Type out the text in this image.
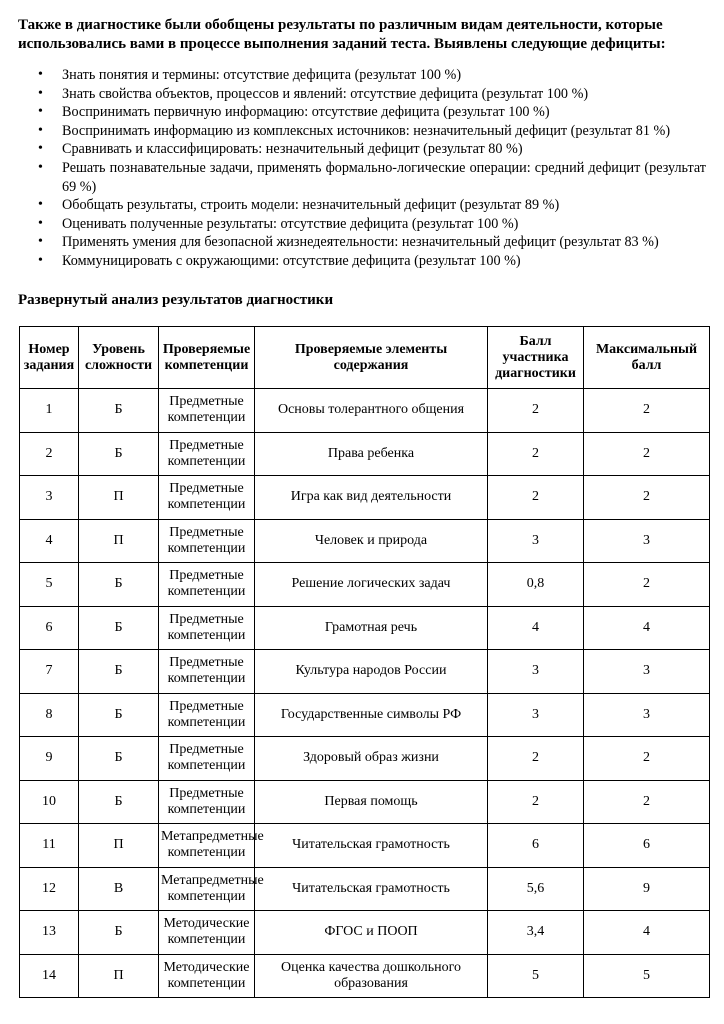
Также в диагностике были обобщены результаты по различным видам деятельности, которые использовались вами в процессе выполнения заданий теста. Выявлены следующие дефициты:
• Знать понятия и термины: отсутствие дефицита (результат 100 %)
• Знать свойства объектов, процессов и явлений: отсутствие дефицита (результат 100 %)
• Воспринимать первичную информацию: отсутствие дефицита (результат 100 %)
• Воспринимать информацию из комплексных источников: незначительный дефицит (результат 81 %)
• Сравнивать и классифицировать: незначительный дефицит (результат 80 %)
• Решать познавательные задачи, применять формально-логические операции: средний дефицит (результат 69 %)
• Обобщать результаты, строить модели: незначительный дефицит (результат 89 %)
• Оценивать полученные результаты: отсутствие дефицита (результат 100 %)
• Применять умения для безопасной жизнедеятельности: незначительный дефицит (результат 83 %)
• Коммуницировать с окружающими: отсутствие дефицита (результат 100 %)
Развернутый анализ результатов диагностики
Номер задания	Уровень сложности	Проверяемые компетенции	Проверяемые элементы содержания	Балл участника диагностики	Максимальный балл
1	Б	Предметные компетенции	Основы толерантного общения	2	2
2	Б	Предметные компетенции	Права ребенка	2	2
3	П	Предметные компетенции	Игра как вид деятельности	2	2
4	П	Предметные компетенции	Человек и природа	3	3
5	Б	Предметные компетенции	Решение логических задач	0,8	2
6	Б	Предметные компетенции	Грамотная речь	4	4
7	Б	Предметные компетенции	Культура народов России	3	3
8	Б	Предметные компетенции	Государственные символы РФ	3	3
9	Б	Предметные компетенции	Здоровый образ жизни	2	2
10	Б	Предметные компетенции	Первая помощь	2	2
11	П	Метапредметные компетенции	Читательская грамотность	6	6
12	В	Метапредметные компетенции	Читательская грамотность	5,6	9
13	Б	Методические компетенции	ФГОС и ПООП	3,4	4
14	П	Методические компетенции	Оценка качества дошкольного образования	5	5
